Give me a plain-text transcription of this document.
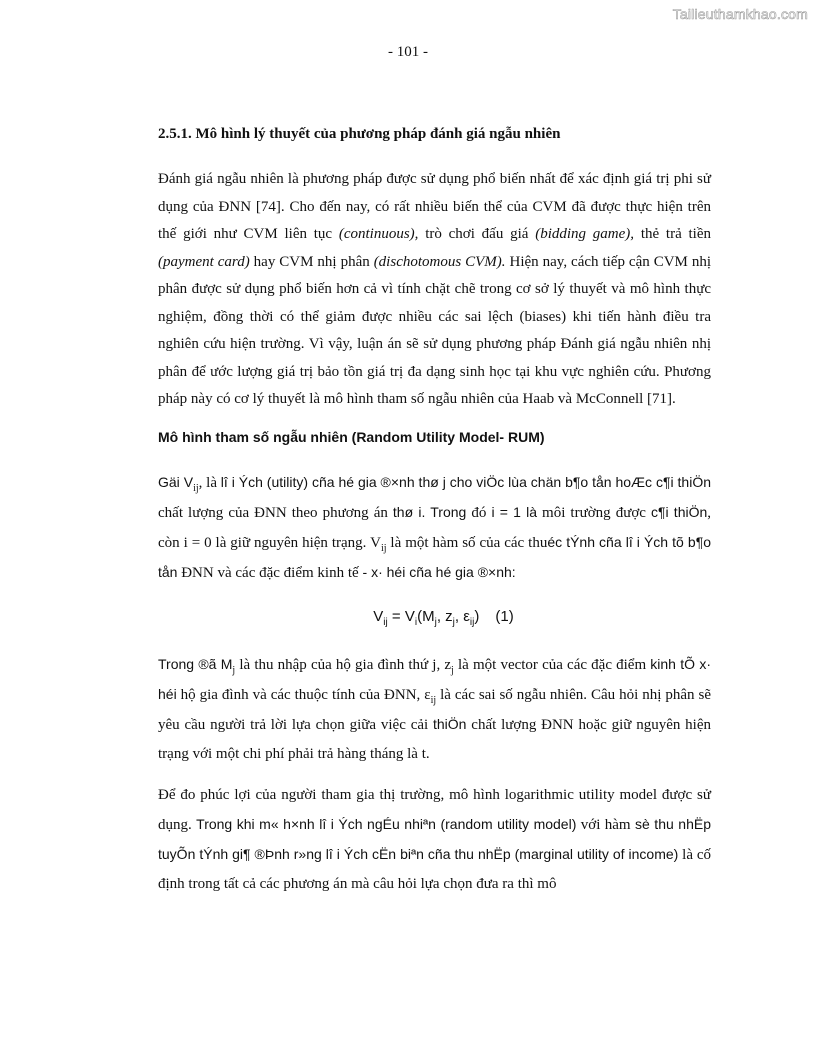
Tailieuthamkhao.com
- 101 -
2.5.1. Mô hình lý thuyết của phương pháp đánh giá ngẫu nhiên

Đánh giá ngẫu nhiên là phương pháp được sử dụng phổ biến nhất để xác định giá trị phi sử dụng của ĐNN [74]. Cho đến nay, có rất nhiều biến thể của CVM đã được thực hiện trên thế giới như CVM liên tục (continuous), trò chơi đấu giá (bidding game), thẻ trả tiền (payment card) hay CVM nhị phân (dischotomous CVM). Hiện nay, cách tiếp cận CVM nhị phân được sử dụng phổ biến hơn cả vì tính chặt chẽ trong cơ sở lý thuyết và mô hình thực nghiệm, đồng thời có thể giảm được nhiều các sai lệch (biases) khi tiến hành điều tra nghiên cứu hiện trường. Vì vậy, luận án sẽ sử dụng phương pháp Đánh giá ngẫu nhiên nhị phân để ước lượng giá trị bảo tồn giá trị đa dạng sinh học tại khu vực nghiên cứu. Phương pháp này có cơ lý thuyết là mô hình tham số ngẫu nhiên của Haab và McConnell [71].

Mô hình tham số ngẫu nhiên (Random Utility Model- RUM)

Gäi $V_{ij}$, là lî i Ých (utility) cña hé gia ®×nh thø j cho viÖc lùa chän b¶o tån hoÆc c¶i thiÖn chất lượng của ĐNN theo phương án thø i. Trong đó i = 1 là môi trường được c¶i thiÖn, còn i = 0 là giữ nguyên hiện trạng. $V_{ij}$ là một hàm số của các thuéc tÝnh cña lî i Ých tõ b¶o tån ĐNN và các đặc điểm kinh tế - x· héi cña hé gia ®×nh:

$V_{ij} = V_i(M_j$, $z_j$, $\varepsilon_{ij}$) (1)

Trong ®ã $M_j$ là thu nhập của hộ gia đình thứ j, $z_j$ là một vector của các đặc điểm kinh tÕ x· héi hộ gia đình và các thuộc tính của ĐNN, $\varepsilon_{ij}$ là các sai số ngẫu nhiên. Câu hỏi nhị phân sẽ yêu cầu người trả lời lựa chọn giữa việc cải thiÖn chất lượng ĐNN hoặc giữ nguyên hiện trạng với một chi phí phải trả hàng tháng là t.

Để đo phúc lợi của người tham gia thị trường, mô hình logarithmic utility model được sử dụng. Trong khi m« h×nh lî i Ých ngÉu nhiªn (random utility model) với hàm sè thu nhËp tuyÕn tÝnh gi¶ ®Þnh r»ng lî i Ých cËn biªn cña thu nhËp (marginal utility of income) là cố định trong tất cả các phương án mà câu hỏi lựa chọn đưa ra thì mô
